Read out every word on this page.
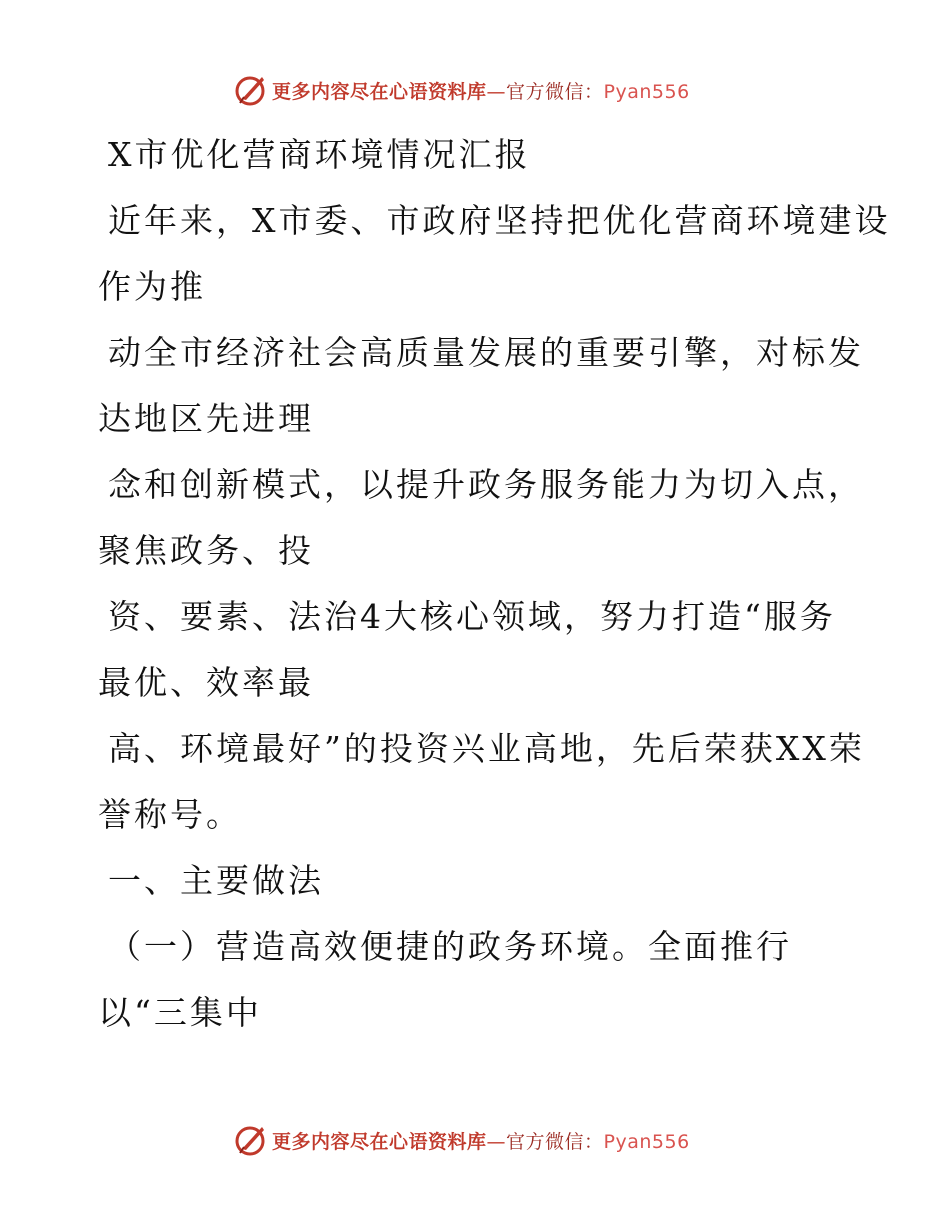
更多内容尽在心语资料库—官方微信：Pyan556

X市优化营商环境情况汇报

近年来，X市委、市政府坚持把优化营商环境建设
作为推

动全市经济社会高质量发展的重要引擎，对标发
达地区先进理

念和创新模式，以提升政务服务能力为切入点，
聚焦政务、投

资、要素、法治4大核心领域，努力打造“服务
最优、效率最

高、环境最好”的投资兴业高地，先后荣获XX荣
誉称号。

一、主要做法

（一）营造高效便捷的政务环境。全面推行
以“三集中

更多内容尽在心语资料库—官方微信：Pyan556
